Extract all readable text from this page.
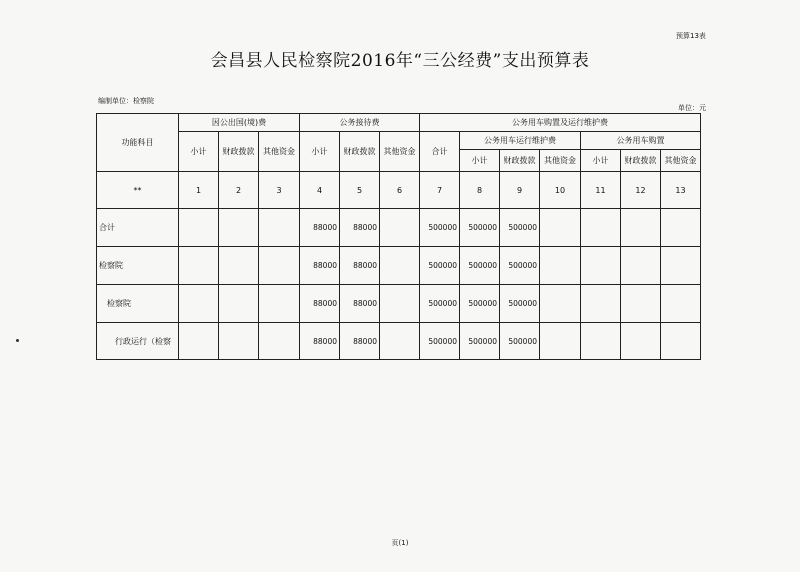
预算13表
会昌县人民检察院2016年“三公经费”支出预算表
编制单位：检察院
单位：元
功能科目	因公出国(境)费			公务接待费			公务用车购置及运行维护费						
	小计	财政拨款	其他资金	小计	财政拨款	其他资金	合计	公务用车运行维护费			公务用车购置		
								小计	财政拨款	其他资金	小计	财政拨款	其他资金
**	1	2	3	4	5	6	7	8	9	10	11	12	13
合计				88000	88000		500000	500000	500000				
检察院				88000	88000		500000	500000	500000				
检察院				88000	88000		500000	500000	500000				
行政运行（检察				88000	88000		500000	500000	500000				
页(1)
